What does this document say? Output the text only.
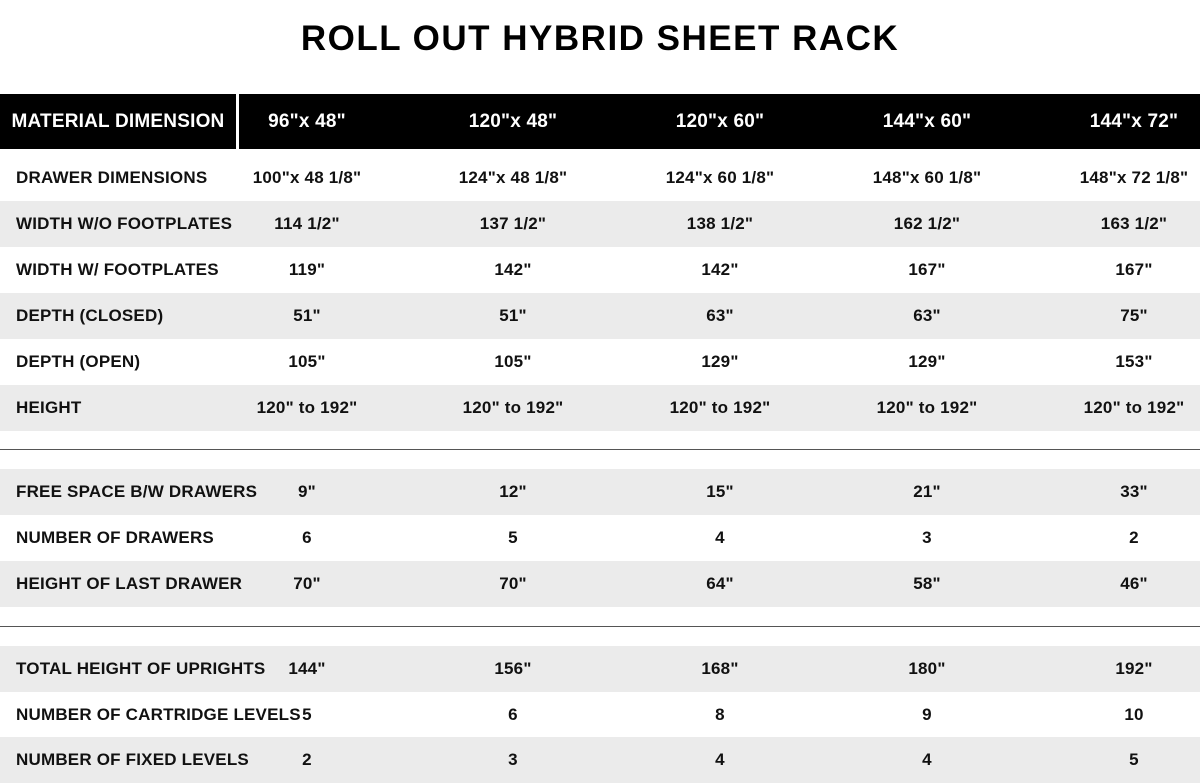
ROLL OUT HYBRID SHEET RACK
MATERIAL DIMENSION	96"x 48"	120"x 48"	120"x 60"	144"x 60"	144"x 72"
DRAWER DIMENSIONS	100"x 48 1/8"	124"x 48 1/8"	124"x 60 1/8"	148"x 60 1/8"	148"x 72 1/8"
WIDTH W/O FOOTPLATES	114 1/2"	137 1/2"	138 1/2"	162 1/2"	163 1/2"
WIDTH W/ FOOTPLATES	119"	142"	142"	167"	167"
DEPTH (CLOSED)	51"	51"	63"	63"	75"
DEPTH (OPEN)	105"	105"	129"	129"	153"
HEIGHT	120" to 192"	120" to 192"	120" to 192"	120" to 192"	120" to 192"
FREE SPACE B/W DRAWERS	9"	12"	15"	21"	33"
NUMBER OF DRAWERS	6	5	4	3	2
HEIGHT OF LAST DRAWER	70"	70"	64"	58"	46"
TOTAL HEIGHT OF UPRIGHTS	144"	156"	168"	180"	192"
NUMBER OF CARTRIDGE LEVELS 5	6	8	9	10
NUMBER OF FIXED LEVELS	2	3	4	4	5
